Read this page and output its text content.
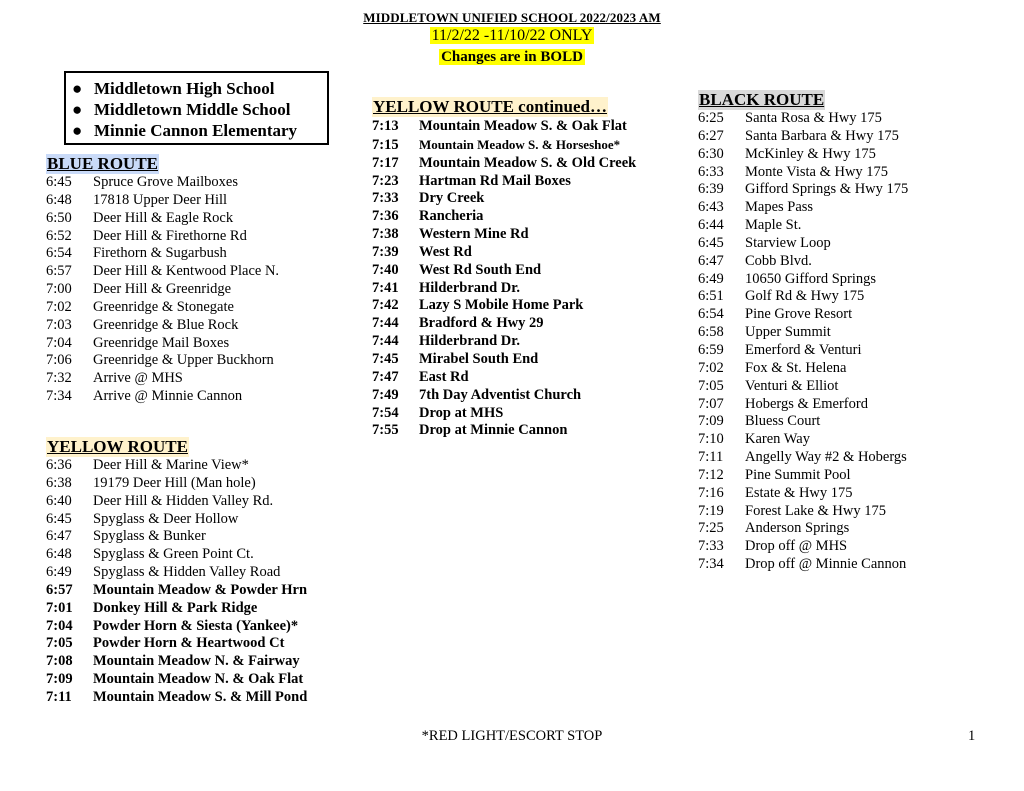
MIDDLETOWN UNIFIED SCHOOL 2022/2023 AM
11/2/22 -11/10/22 ONLY
Changes are in BOLD
● Middletown High School
● Middletown Middle School
● Minnie Cannon Elementary
BLUE ROUTE
6:45 Spruce Grove Mailboxes
6:48 17818 Upper Deer Hill
6:50 Deer Hill & Eagle Rock
6:52 Deer Hill & Firethorne Rd
6:54 Firethorn & Sugarbush
6:57 Deer Hill & Kentwood Place N.
7:00 Deer Hill & Greenridge
7:02 Greenridge & Stonegate
7:03 Greenridge & Blue Rock
7:04 Greenridge Mail Boxes
7:06 Greenridge & Upper Buckhorn
7:32 Arrive @ MHS
7:34 Arrive @ Minnie Cannon
YELLOW ROUTE
6:36 Deer Hill & Marine View*
6:38 19179 Deer Hill (Man hole)
6:40 Deer Hill & Hidden Valley Rd.
6:45 Spyglass & Deer Hollow
6:47 Spyglass & Bunker
6:48 Spyglass & Green Point Ct.
6:49 Spyglass & Hidden Valley Road
6:57 Mountain Meadow & Powder Hrn
7:01 Donkey Hill & Park Ridge
7:04 Powder Horn & Siesta (Yankee)*
7:05 Powder Horn & Heartwood Ct
7:08 Mountain Meadow N. & Fairway
7:09 Mountain Meadow N. & Oak Flat
7:11 Mountain Meadow S. & Mill Pond
YELLOW ROUTE continued…
7:13 Mountain Meadow S. & Oak Flat
7:15 Mountain Meadow S. & Horseshoe*
7:17 Mountain Meadow S. & Old Creek
7:23 Hartman Rd Mail Boxes
7:33 Dry Creek
7:36 Rancheria
7:38 Western Mine Rd
7:39 West Rd
7:40 West Rd South End
7:41 Hilderbrand Dr.
7:42 Lazy S Mobile Home Park
7:44 Bradford & Hwy 29
7:44 Hilderbrand Dr.
7:45 Mirabel South End
7:47 East Rd
7:49 7th Day Adventist Church
7:54 Drop at MHS
7:55 Drop at Minnie Cannon
BLACK ROUTE
6:25 Santa Rosa & Hwy 175
6:27 Santa Barbara & Hwy 175
6:30 McKinley & Hwy 175
6:33 Monte Vista & Hwy 175
6:39 Gifford Springs & Hwy 175
6:43 Mapes Pass
6:44 Maple St.
6:45 Starview Loop
6:47 Cobb Blvd.
6:49 10650 Gifford Springs
6:51 Golf Rd & Hwy 175
6:54 Pine Grove Resort
6:58 Upper Summit
6:59 Emerford & Venturi
7:02 Fox & St. Helena
7:05 Venturi & Elliot
7:07 Hobergs & Emerford
7:09 Bluess Court
7:10 Karen Way
7:11 Angelly Way #2 & Hobergs
7:12 Pine Summit Pool
7:16 Estate & Hwy 175
7:19 Forest Lake & Hwy 175
7:25 Anderson Springs
7:33 Drop off @ MHS
7:34 Drop off @ Minnie Cannon
*RED LIGHT/ESCORT STOP	1
